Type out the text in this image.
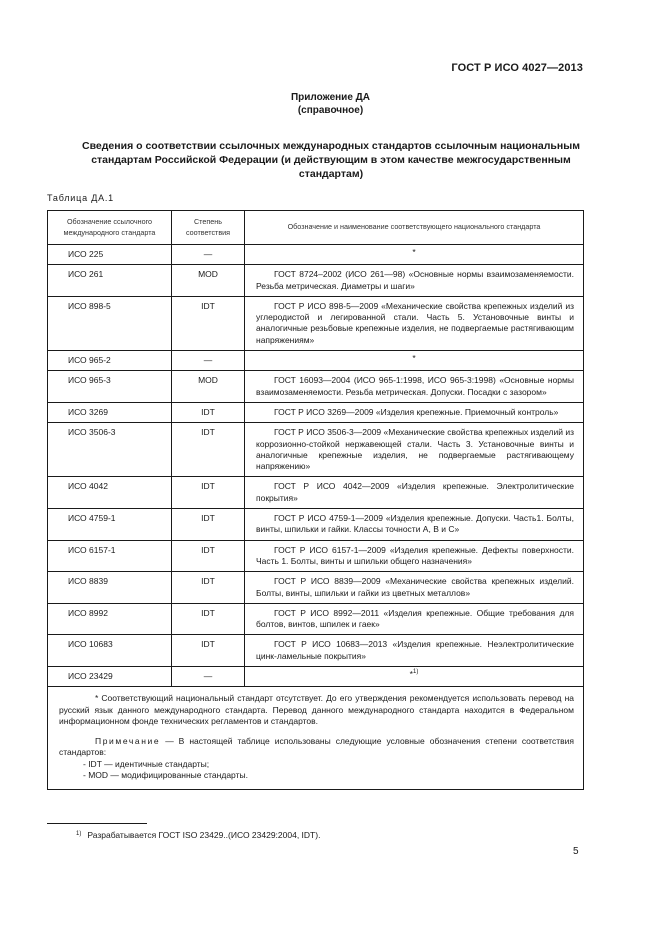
ГОСТ Р ИСО 4027—2013
Приложение ДА
(справочное)
Сведения о соответствии ссылочных международных стандартов ссылочным национальным
стандартам Российской Федерации (и действующим в этом качестве межгосударственным
стандартам)
Таблица ДА.1
Обозначение ссылочного международного стандарта	Степень соответствия	Обозначение и наименование соответствующего национального стандарта
ИСО 225	—	*
ИСО 261	MOD	ГОСТ 8724–2002 (ИСО 261—98) «Основные нормы взаимозаменяемости. Резьба метрическая. Диаметры и шаги»
ИСО 898-5	IDT	ГОСТ Р ИСО 898-5—2009 «Механические свойства крепежных изделий из углеродистой и легированной стали. Часть 5. Установочные винты и аналогичные резьбовые крепежные изделия, не подвергаемые растягивающим напряжениям»
ИСО 965-2	—	*
ИСО 965-3	MOD	ГОСТ 16093—2004 (ИСО 965-1:1998, ИСО 965-3:1998) «Основные нормы взаимозаменяемости. Резьба метрическая. Допуски. Посадки с зазором»
ИСО 3269	IDT	ГОСТ Р ИСО 3269—2009 «Изделия крепежные. Приемочный контроль»
ИСО 3506-3	IDT	ГОСТ Р ИСО 3506-3—2009 «Механические свойства крепежных изделий из коррозионно-стойкой нержавеющей стали. Часть 3. Установочные винты и аналогичные крепежные изделия, не подвергаемые растягивающему напряжению»
ИСО 4042	IDT	ГОСТ Р ИСО 4042—2009 «Изделия крепежные. Электролитические покрытия»
ИСО 4759-1	IDT	ГОСТ Р ИСО 4759-1—2009 «Изделия крепежные. Допуски. Часть1. Болты, винты, шпильки и гайки. Классы точности А, В и С»
ИСО 6157-1	IDT	ГОСТ Р ИСО 6157-1—2009 «Изделия крепежные. Дефекты поверхности. Часть 1. Болты, винты и шпильки общего назначения»
ИСО 8839	IDT	ГОСТ Р ИСО 8839—2009 «Механические свойства крепежных изделий. Болты, винты, шпильки и гайки из цветных металлов»
ИСО 8992	IDT	ГОСТ Р ИСО 8992—2011 «Изделия крепежные. Общие требования для болтов, винтов, шпилек и гаек»
ИСО 10683	IDT	ГОСТ Р ИСО 10683—2013 «Изделия крепежные. Неэлектролитические цинк-ламельные покрытия»
ИСО 23429	—	*$^{1)}$

* Соответствующий национальный стандарт отсутствует. До его утверждения рекомендуется использовать перевод на русский язык данного международного стандарта. Перевод данного международного стандарта находится в Федеральном информационном фонде технических регламентов и стандартов.

Примечание — В настоящей таблице использованы следующие условные обозначения степени соответствия стандартов:

- IDT — идентичные стандарты;

- MOD — модифицированные стандарты.		

$^{1)}$ Разрабатывается ГОСТ ISO 23429..(ИСО 23429:2004, IDT).
5
